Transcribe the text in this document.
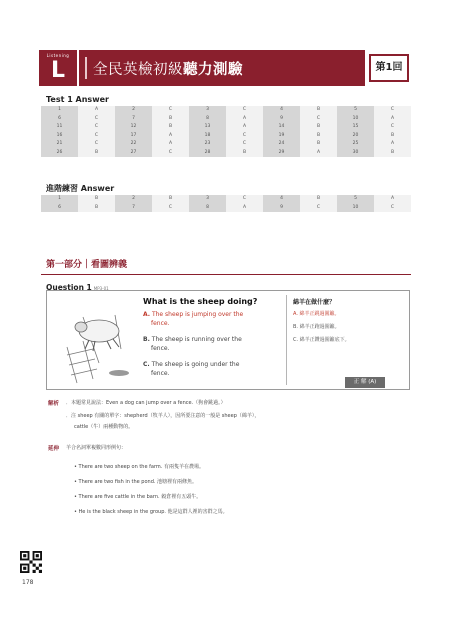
Listening
L	全民英檢初級聽力測驗	第1回
Test 1 Answer
1	A	2	C	3	C	4	B	5	C
6	C	7	B	8	A	9	C	10	A
11	C	12	B	13	A	14	B	15	C
16	C	17	A	18	C	19	B	20	B
21	C	22	A	23	C	24	B	25	A
26	B	27	C	28	B	29	A	30	B
進階練習 Answer
1	B	2	B	3	C	4	B	5	A
6	B	7	C	8	A	9	C	10	C
第一部分｜看圖辨義
Question 1 MP3-01
What is the sheep doing?
A. The sheep is jumping over the
fence.
B. The sheep is running over the
fence.
C. The sheep is going under the
fence.
綿羊在做什麼？
A. 綿羊正跳過圍籬。
B. 綿羊正跑過圍籬。
C. 綿羊正鑽過圍籬底下。
正 解 (A)
解析 ．本題常見說法：Even a dog can jump over a fence.（狗會跳過。）
．注 sheep 有關的單字：shepherd（牧羊人），因所要注意的一般是 sheep（綿羊），
cattle（牛）兩種動物的。
延伸 羊合名詞單複數同形例句：
• There are two sheep on the farm. 有兩隻羊在農場。
• There are two fish in the pond. 池塘裡有兩條魚。
• There are five cattle in the barn. 穀倉裡有五頭牛。
• He is the black sheep in the group. 他是這群人裡的害群之馬。
178
